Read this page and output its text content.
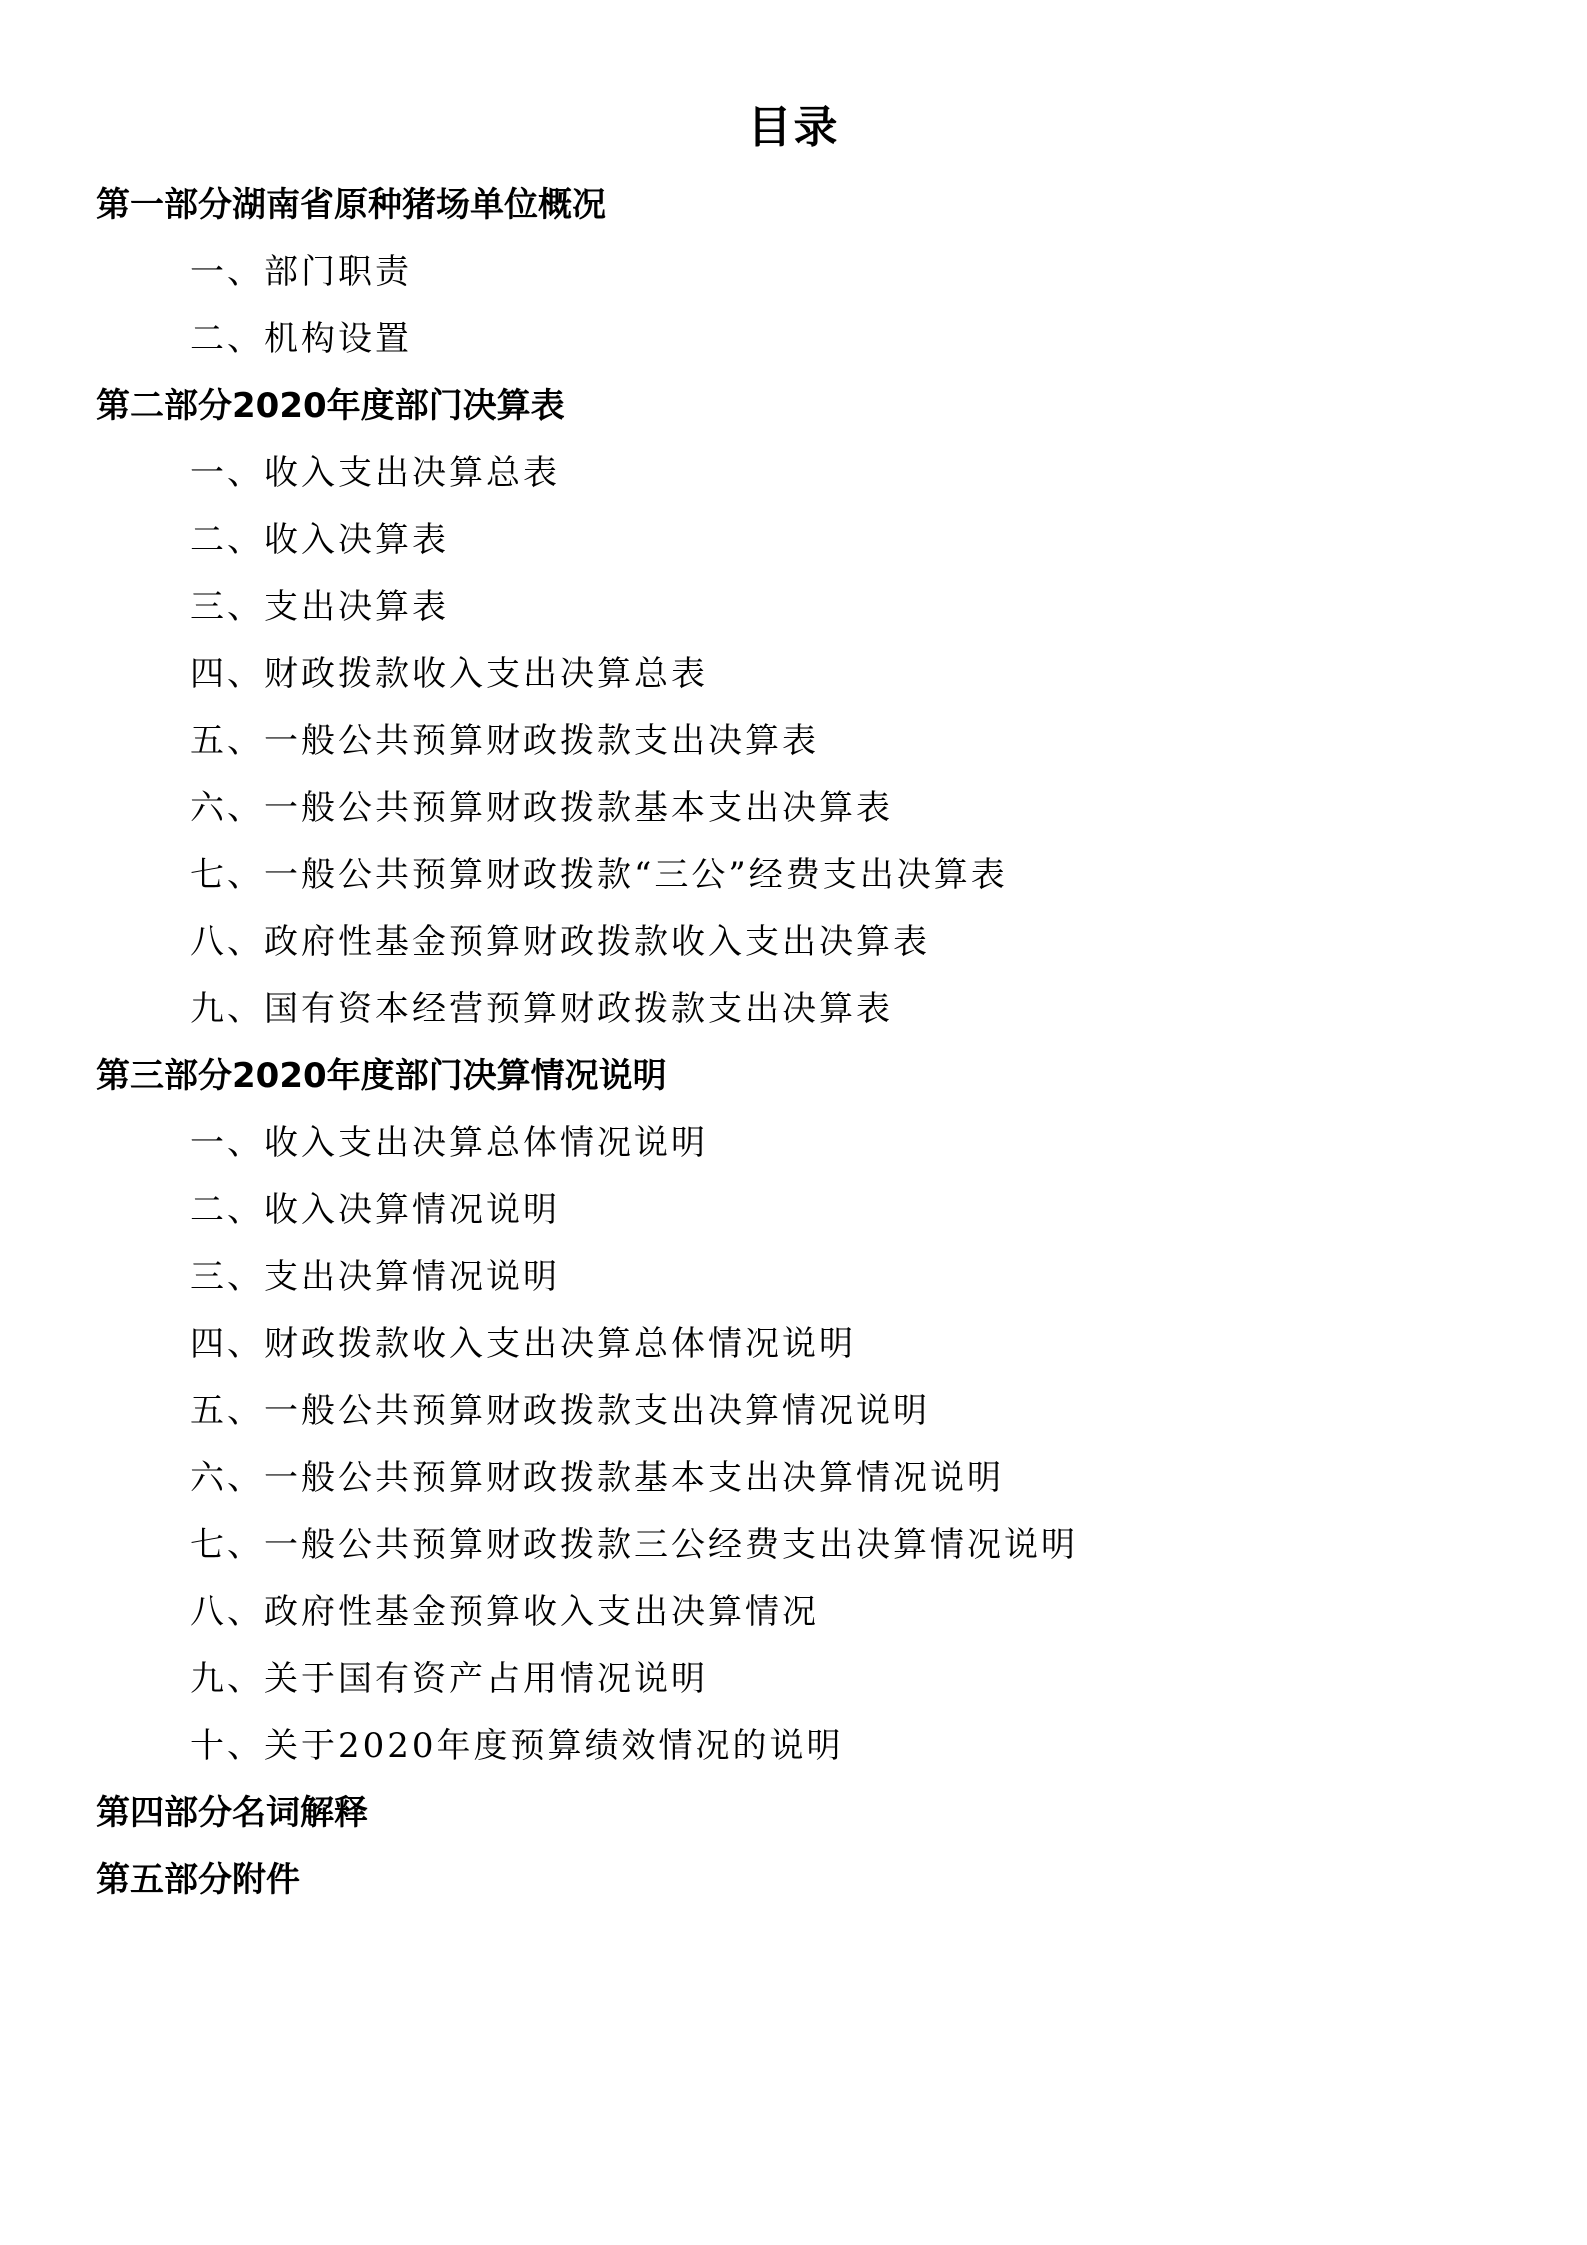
目录
第一部分湖南省原种猪场单位概况
一、部门职责
二、机构设置
第二部分2020年度部门决算表
一、收入支出决算总表
二、收入决算表
三、支出决算表
四、财政拨款收入支出决算总表
五、一般公共预算财政拨款支出决算表
六、一般公共预算财政拨款基本支出决算表
七、一般公共预算财政拨款“三公”经费支出决算表
八、政府性基金预算财政拨款收入支出决算表
九、国有资本经营预算财政拨款支出决算表
第三部分2020年度部门决算情况说明
一、收入支出决算总体情况说明
二、收入决算情况说明
三、支出决算情况说明
四、财政拨款收入支出决算总体情况说明
五、一般公共预算财政拨款支出决算情况说明
六、一般公共预算财政拨款基本支出决算情况说明
七、一般公共预算财政拨款三公经费支出决算情况说明
八、政府性基金预算收入支出决算情况
九、关于国有资产占用情况说明
十、关于2020年度预算绩效情况的说明
第四部分名词解释
第五部分附件
